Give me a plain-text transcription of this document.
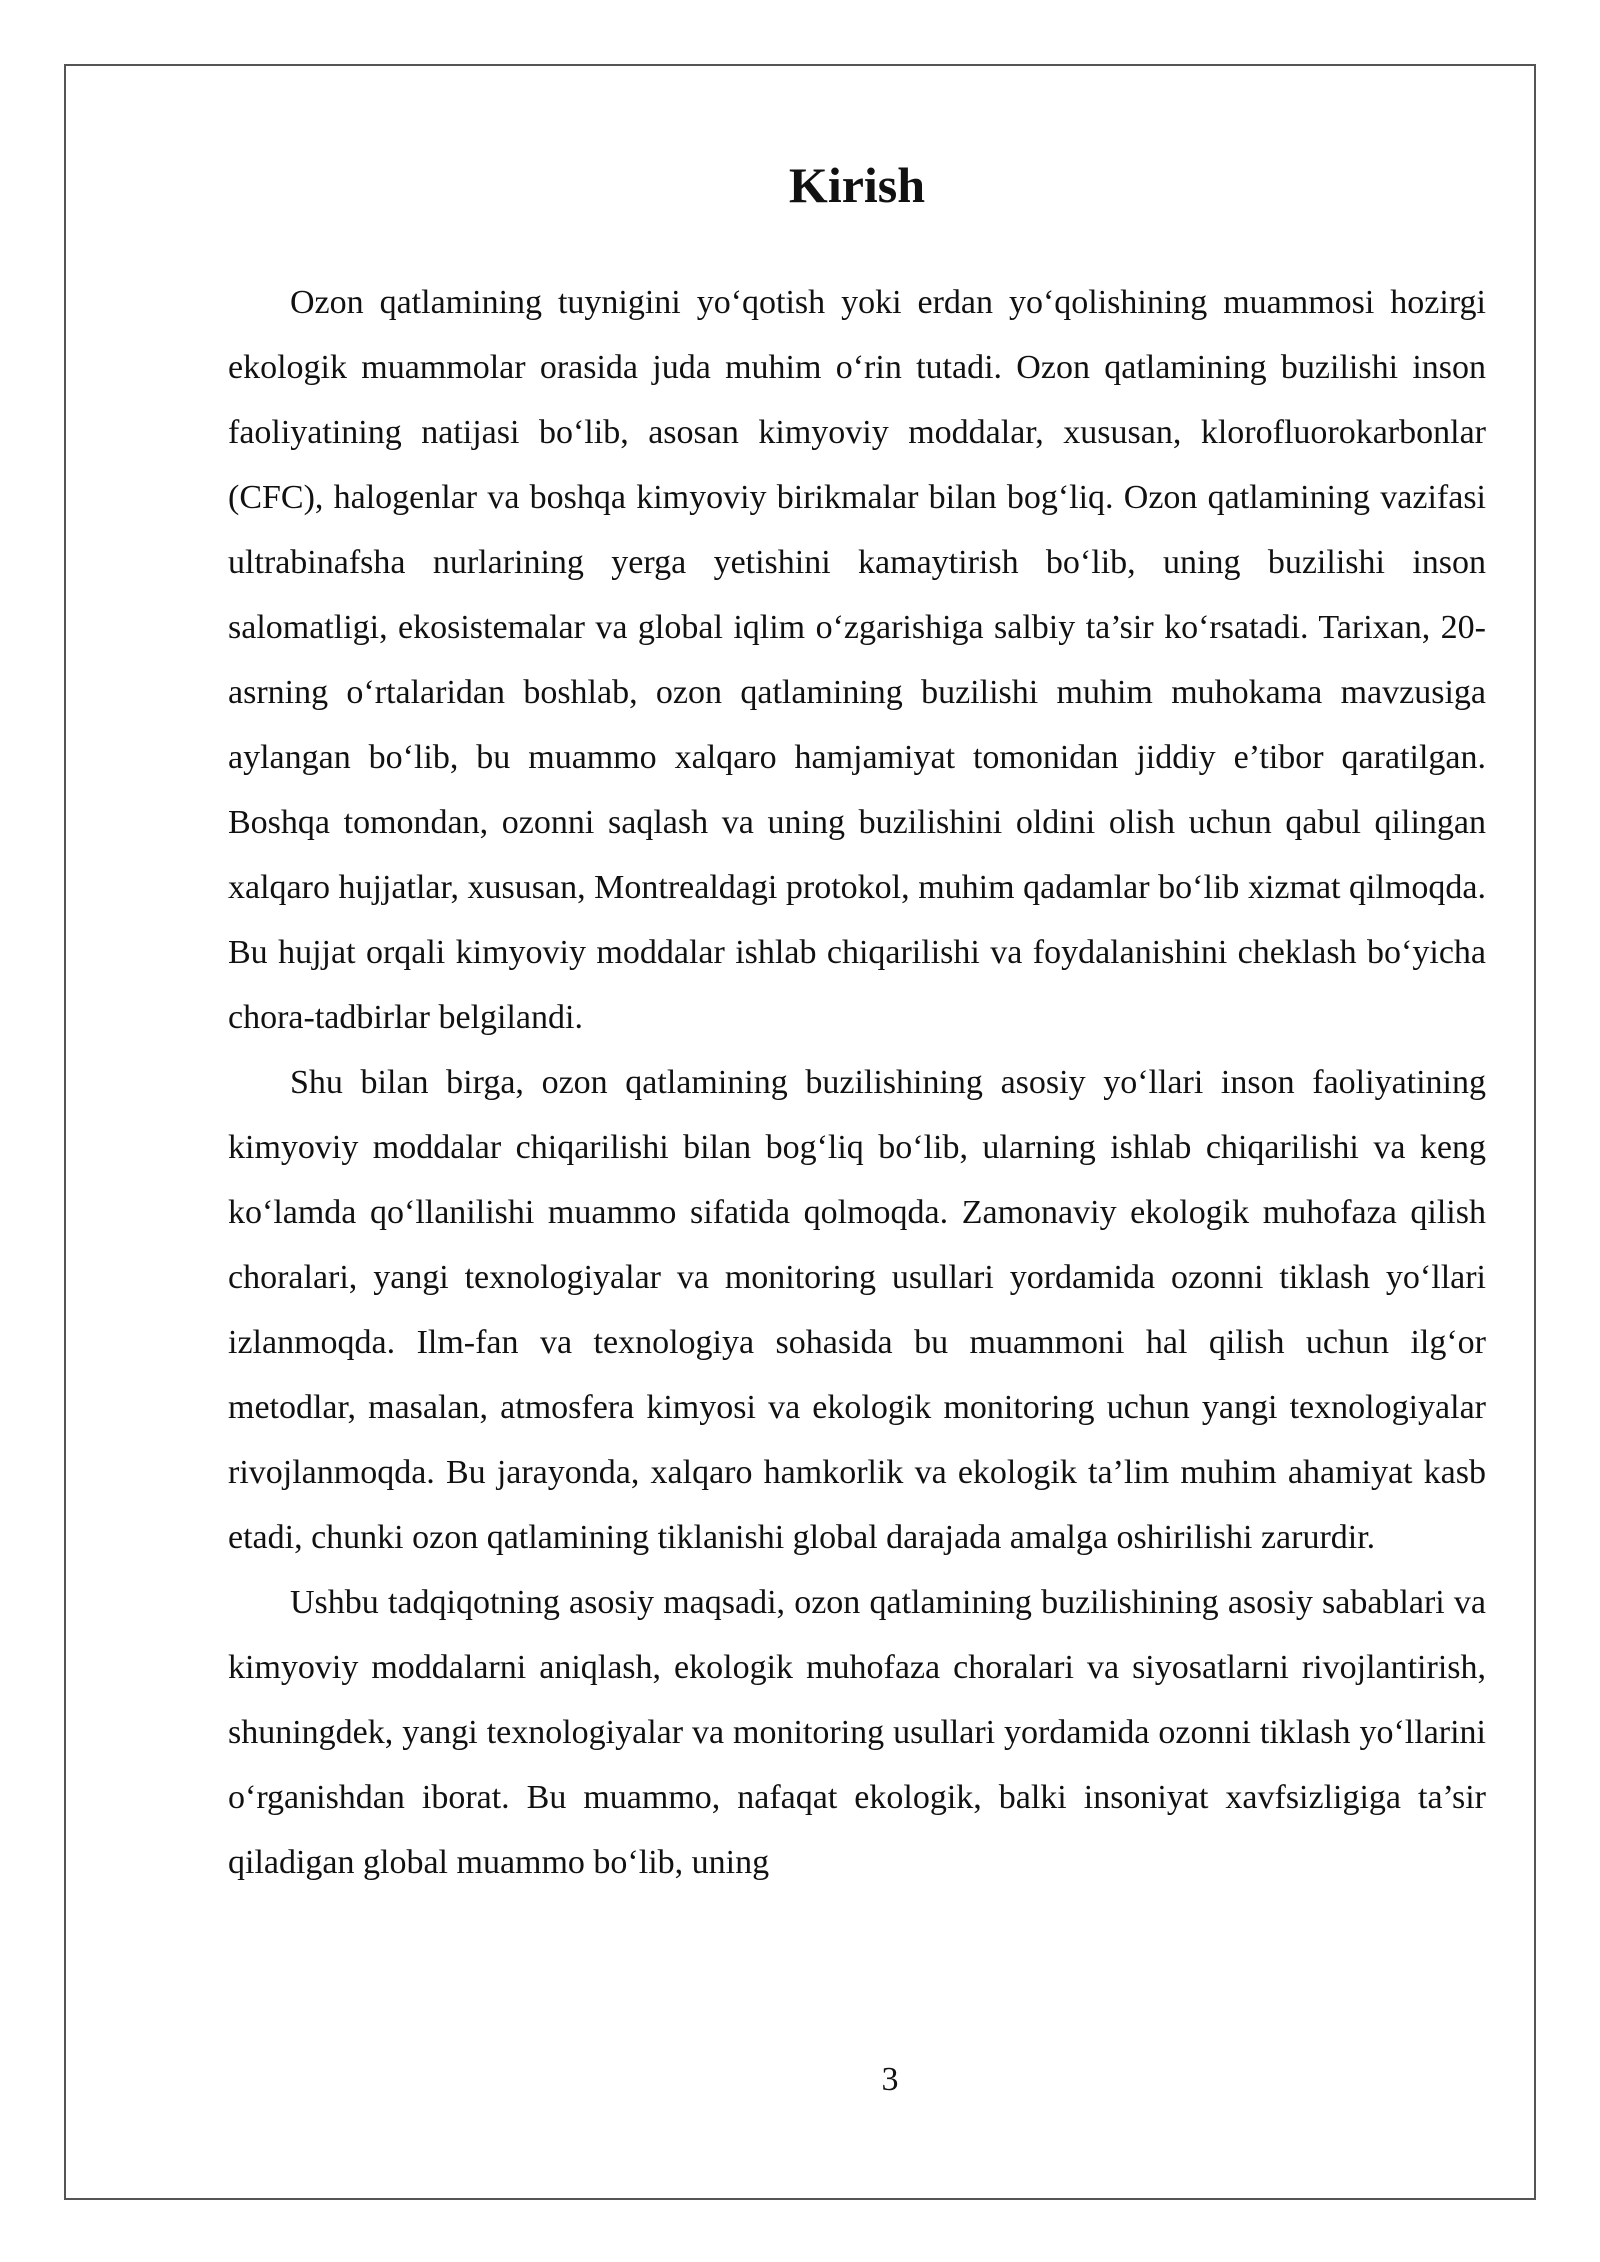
Kirish

Ozon qatlamining tuynigini yo‘qotish yoki erdan yo‘qolishining muammosi hozirgi ekologik muammolar orasida juda muhim o‘rin tutadi. Ozon qatlamining buzilishi inson faoliyatining natijasi bo‘lib, asosan kimyoviy moddalar, xususan, klorofluorokarbonlar (CFC), halogenlar va boshqa kimyoviy birikmalar bilan bog‘liq. Ozon qatlamining vazifasi ultrabinafsha nurlarining yerga yetishini kamaytirish bo‘lib, uning buzilishi inson salomatligi, ekosistemalar va global iqlim o‘zgarishiga salbiy ta’sir ko‘rsatadi. Tarixan, 20-asrning o‘rtalaridan boshlab, ozon qatlamining buzilishi muhim muhokama mavzusiga aylangan bo‘lib, bu muammo xalqaro hamjamiyat tomonidan jiddiy e’tibor qaratilgan. Boshqa tomondan, ozonni saqlash va uning buzilishini oldini olish uchun qabul qilingan xalqaro hujjatlar, xususan, Montrealdagi protokol, muhim qadamlar bo‘lib xizmat qilmoqda. Bu hujjat orqali kimyoviy moddalar ishlab chiqarilishi va foydalanishini cheklash bo‘yicha chora-tadbirlar belgilandi.

Shu bilan birga, ozon qatlamining buzilishining asosiy yo‘llari inson faoliyatining kimyoviy moddalar chiqarilishi bilan bog‘liq bo‘lib, ularning ishlab chiqarilishi va keng ko‘lamda qo‘llanilishi muammo sifatida qolmoqda. Zamonaviy ekologik muhofaza qilish choralari, yangi texnologiyalar va monitoring usullari yordamida ozonni tiklash yo‘llari izlanmoqda. Ilm-fan va texnologiya sohasida bu muammoni hal qilish uchun ilg‘or metodlar, masalan, atmosfera kimyosi va ekologik monitoring uchun yangi texnologiyalar rivojlanmoqda. Bu jarayonda, xalqaro hamkorlik va ekologik ta’lim muhim ahamiyat kasb etadi, chunki ozon qatlamining tiklanishi global darajada amalga oshirilishi zarurdir.

Ushbu tadqiqotning asosiy maqsadi, ozon qatlamining buzilishining asosiy sabablari va kimyoviy moddalarni aniqlash, ekologik muhofaza choralari va siyosatlarni rivojlantirish, shuningdek, yangi texnologiyalar va monitoring usullari yordamida ozonni tiklash yo‘llarini o‘rganishdan iborat. Bu muammo, nafaqat ekologik, balki insoniyat xavfsizligiga ta’sir qiladigan global muammo bo‘lib, uning

3
